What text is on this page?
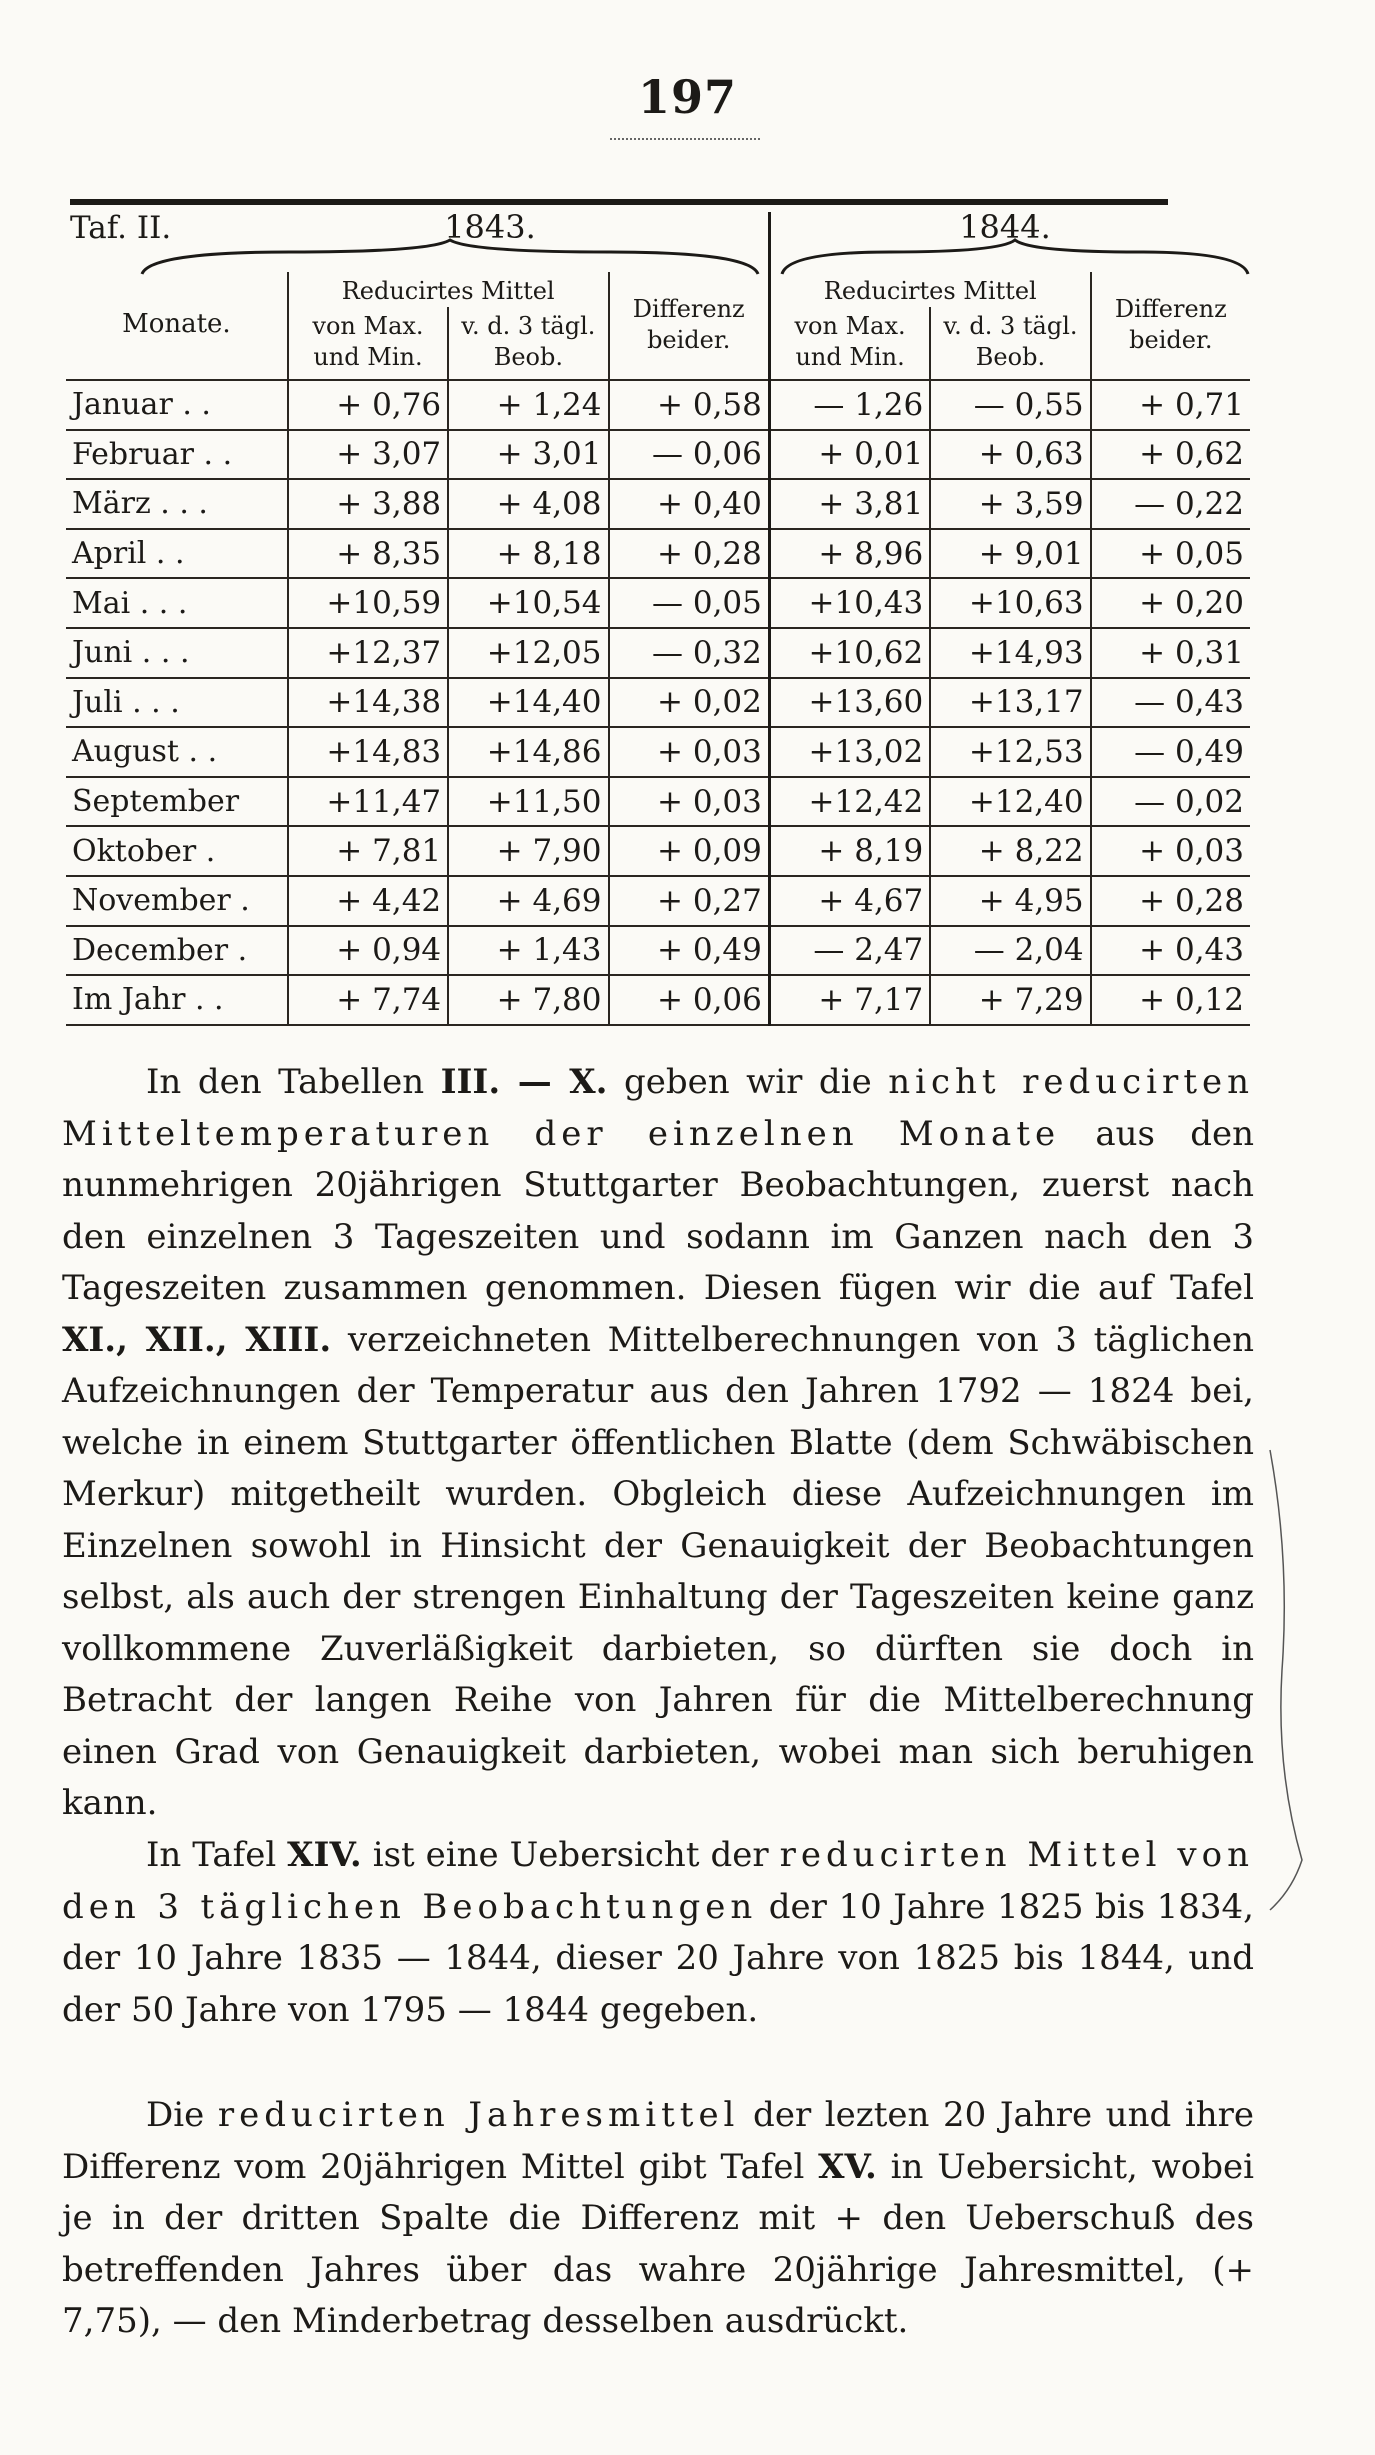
197
Taf. II.	1843.	1844.
Monate.	Reducirtes Mittel		Differenz beider.	Reducirtes Mittel		Differenz beider.
	von Max. und Min.	v. d. 3 tägl. Beob.		von Max. und Min.	v. d. 3 tägl. Beob.	
Januar . .	+ 0,76	+ 1,24	+ 0,58	— 1,26	— 0,55	+ 0,71
Februar . .	+ 3,07	+ 3,01	— 0,06	+ 0,01	+ 0,63	+ 0,62
März . . .	+ 3,88	+ 4,08	+ 0,40	+ 3,81	+ 3,59	— 0,22
April . .	+ 8,35	+ 8,18	+ 0,28	+ 8,96	+ 9,01	+ 0,05
Mai . . .	+10,59	+10,54	— 0,05	+10,43	+10,63	+ 0,20
Juni . . .	+12,37	+12,05	— 0,32	+10,62	+14,93	+ 0,31
Juli . . .	+14,38	+14,40	+ 0,02	+13,60	+13,17	— 0,43
August . .	+14,83	+14,86	+ 0,03	+13,02	+12,53	— 0,49
September	+11,47	+11,50	+ 0,03	+12,42	+12,40	— 0,02
Oktober .	+ 7,81	+ 7,90	+ 0,09	+ 8,19	+ 8,22	+ 0,03
November .	+ 4,42	+ 4,69	+ 0,27	+ 4,67	+ 4,95	+ 0,28
December .	+ 0,94	+ 1,43	+ 0,49	— 2,47	— 2,04	+ 0,43
Im Jahr . .	+ 7,74	+ 7,80	+ 0,06	+ 7,17	+ 7,29	+ 0,12

In den Tabellen III. — X. geben wir die nicht reducirten Mitteltemperaturen der einzelnen Monate aus den nunmehrigen 20jährigen Stuttgarter Beobachtungen, zuerst nach den einzelnen 3 Tageszeiten und sodann im Ganzen nach den 3 Tageszeiten zusammen genommen. Diesen fügen wir die auf Tafel XI., XII., XIII. verzeichneten Mittelberechnungen von 3 täglichen Aufzeichnungen der Temperatur aus den Jahren 1792 — 1824 bei, welche in einem Stuttgarter öffentlichen Blatte (dem Schwäbischen Merkur) mitgetheilt wurden. Obgleich diese Aufzeichnungen im Einzelnen sowohl in Hinsicht der Genauigkeit der Beobachtungen selbst, als auch der strengen Einhaltung der Tageszeiten keine ganz vollkommene Zuverläßigkeit darbieten, so dürften sie doch in Betracht der langen Reihe von Jahren für die Mittelberechnung einen Grad von Genauigkeit darbieten, wobei man sich beruhigen kann.

In Tafel XIV. ist eine Uebersicht der reducirten Mittel von den 3 täglichen Beobachtungen der 10 Jahre 1825 bis 1834, der 10 Jahre 1835 — 1844, dieser 20 Jahre von 1825 bis 1844, und der 50 Jahre von 1795 — 1844 gegeben.

Die reducirten Jahresmittel der lezten 20 Jahre und ihre Differenz vom 20jährigen Mittel gibt Tafel XV. in Uebersicht, wobei je in der dritten Spalte die Differenz mit + den Ueberschuß des betreffenden Jahres über das wahre 20jährige Jahresmittel, (+ 7,75), — den Minderbetrag desselben ausdrückt.
